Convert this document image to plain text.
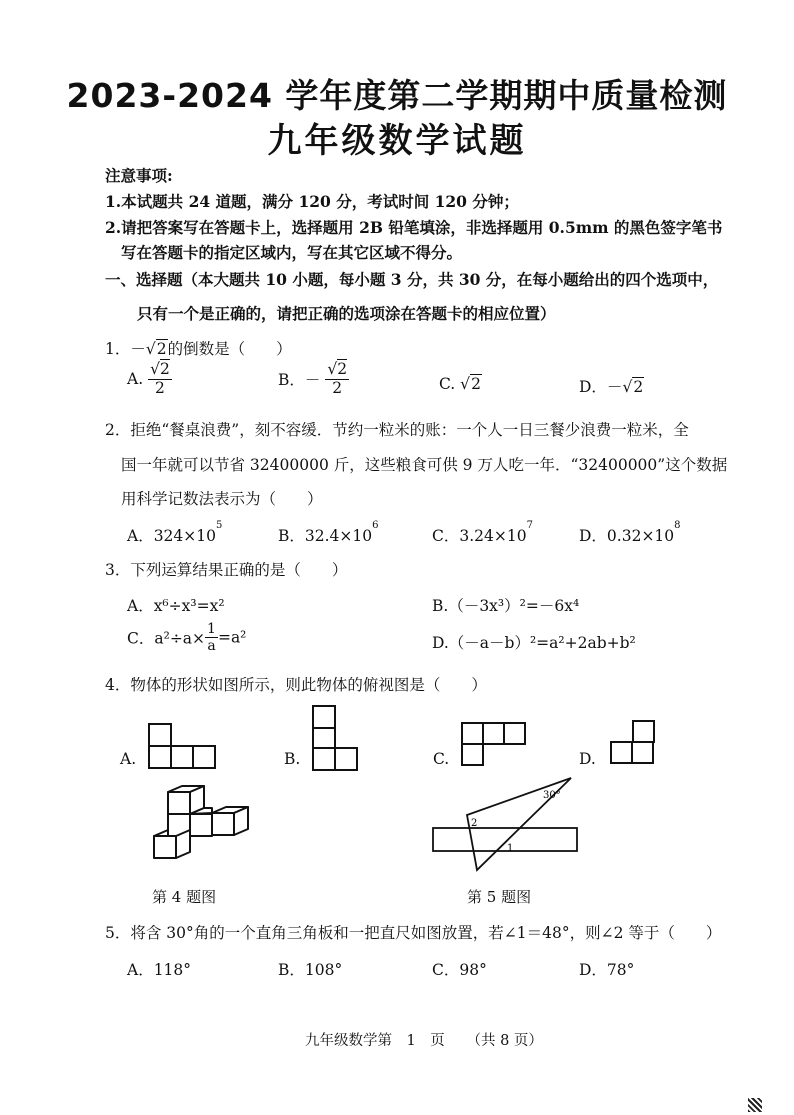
2023-2024 学年度第二学期期中质量检测
九年级数学试题
注意事项:
1.本试题共 24 道题，满分 120 分，考试时间 120 分钟；
2.请把答案写在答题卡上，选择题用 2B 铅笔填涂，非选择题用 0.5mm 的黑色签字笔书
写在答题卡的指定区域内，写在其它区域不得分。
一、选择题（本大题共 10 小题，每小题 3 分，共 30 分，在每小题给出的四个选项中，
只有一个是正确的，请把正确的选项涂在答题卡的相应位置）
1．－√2的倒数是（　　）
A. $\frac{√2}{2}$	B．－ $\frac{√2}{2}$	C. √2	D．－√2
2．拒绝“餐桌浪费”，刻不容缓．节约一粒米的账：一个人一日三餐少浪费一粒米，全
国一年就可以节省 32400000 斤，这些粮食可供 9 万人吃一年．“32400000”这个数据
用科学记数法表示为（　　）
A．$324\times 10^5$
B．$32.4\times 10^6$
C．$3.24\times 10^7$
D．$0.32\times 10^8$
3．下列运算结果正确的是（　　）
A．x⁶÷x³=x²	B.（－3x³）²=－6x⁴
C．$a^2\div a\times \frac{1}{a} =a^2$	D.（－a－b）²=a²+2ab+b²
4．物体的形状如图所示，则此物体的俯视图是（　　）
A.	B.	C.	D.
第 4 题图
30°
2
1
第 5 题图
5．将含 30°角的一个直角三角板和一把直尺如图放置，若∠1＝48°，则∠2 等于（　　）
A．118°	B．108°	C．98°	D．78°
九年级数学第　1　页　　（共 8 页）
